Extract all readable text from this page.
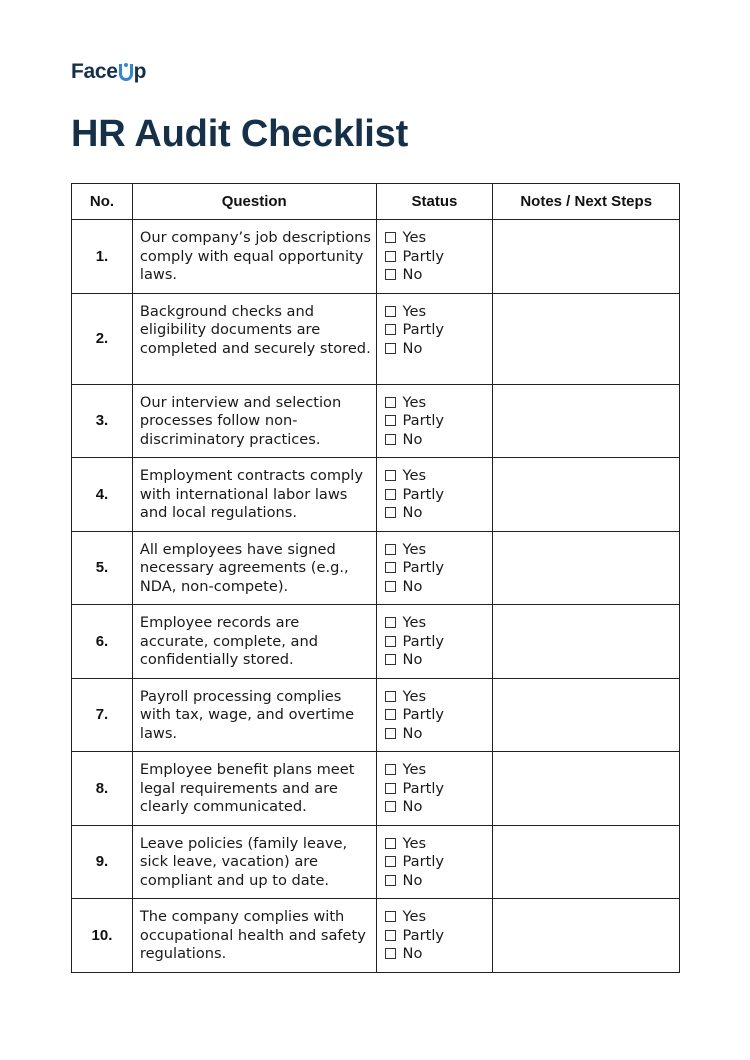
Face p
HR Audit Checklist
No.	Question	Status	Notes / Next Steps
1.	Our company’s job descriptions comply with equal opportunity laws.	Yes
Partly
No	

2.	Background checks and eligibility documents are completed and securely stored.	Yes
Partly
No	

3.	Our interview and selection processes follow non-discriminatory practices.	Yes
Partly
No	

4.	Employment contracts comply with international labor laws and local regulations.	Yes
Partly
No	

5.	All employees have signed necessary agreements (e.g., NDA, non-compete).	Yes
Partly
No	

6.	Employee records are accurate, complete, and confidentially stored.	Yes
Partly
No	

7.	Payroll processing complies with tax, wage, and overtime laws.	Yes
Partly
No	

8.	Employee benefit plans meet legal requirements and are clearly communicated.	Yes
Partly
No	

9.	Leave policies (family leave, sick leave, vacation) are compliant and up to date.	Yes
Partly
No	

10.	The company complies with occupational health and safety regulations.	Yes
Partly
No	
